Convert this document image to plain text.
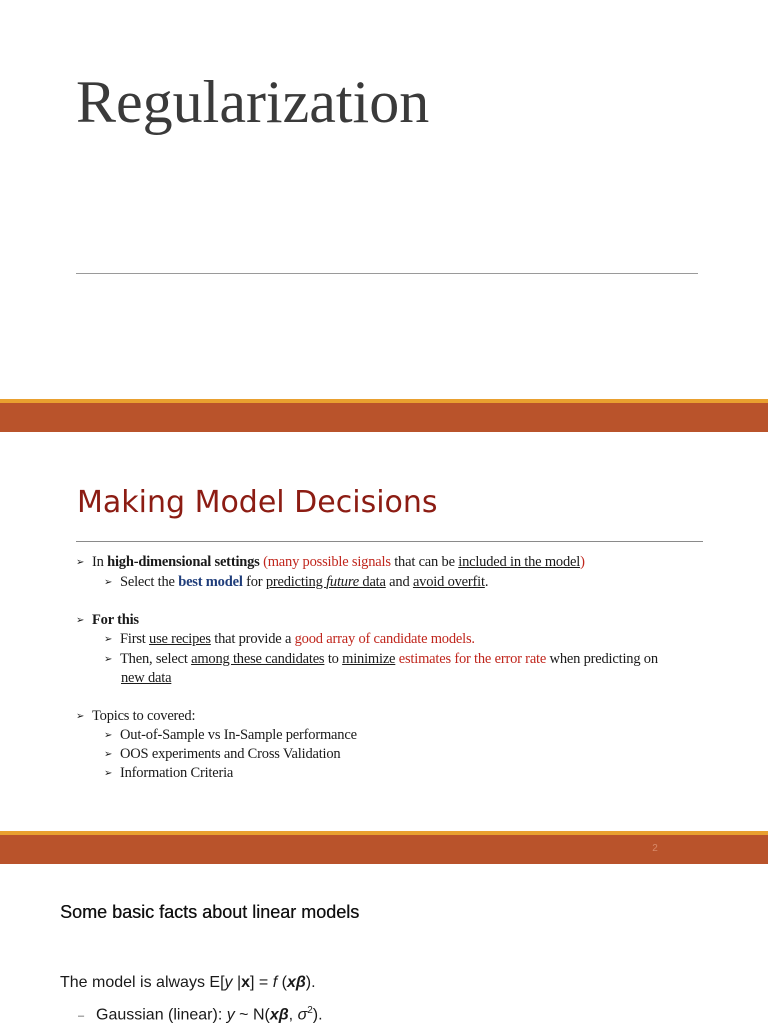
Regularization
Making Model Decisions
➢ In high-dimensional settings (many possible signals that can be included in the model)
➢ Select the best model for predicting future data and avoid overfit.
➢ For this
➢ First use recipes that provide a good array of candidate models.
➢ Then, select among these candidates to minimize estimates for the error rate when predicting on
new data
➢ Topics to covered:
➢ Out-of-Sample vs In-Sample performance
➢ OOS experiments and Cross Validation
➢ Information Criteria
2
Some basic facts about linear models
The model is always E[y |x] = f (xβ).
– Gaussian (linear): y ~ N(xβ, $\sigma^2$).
